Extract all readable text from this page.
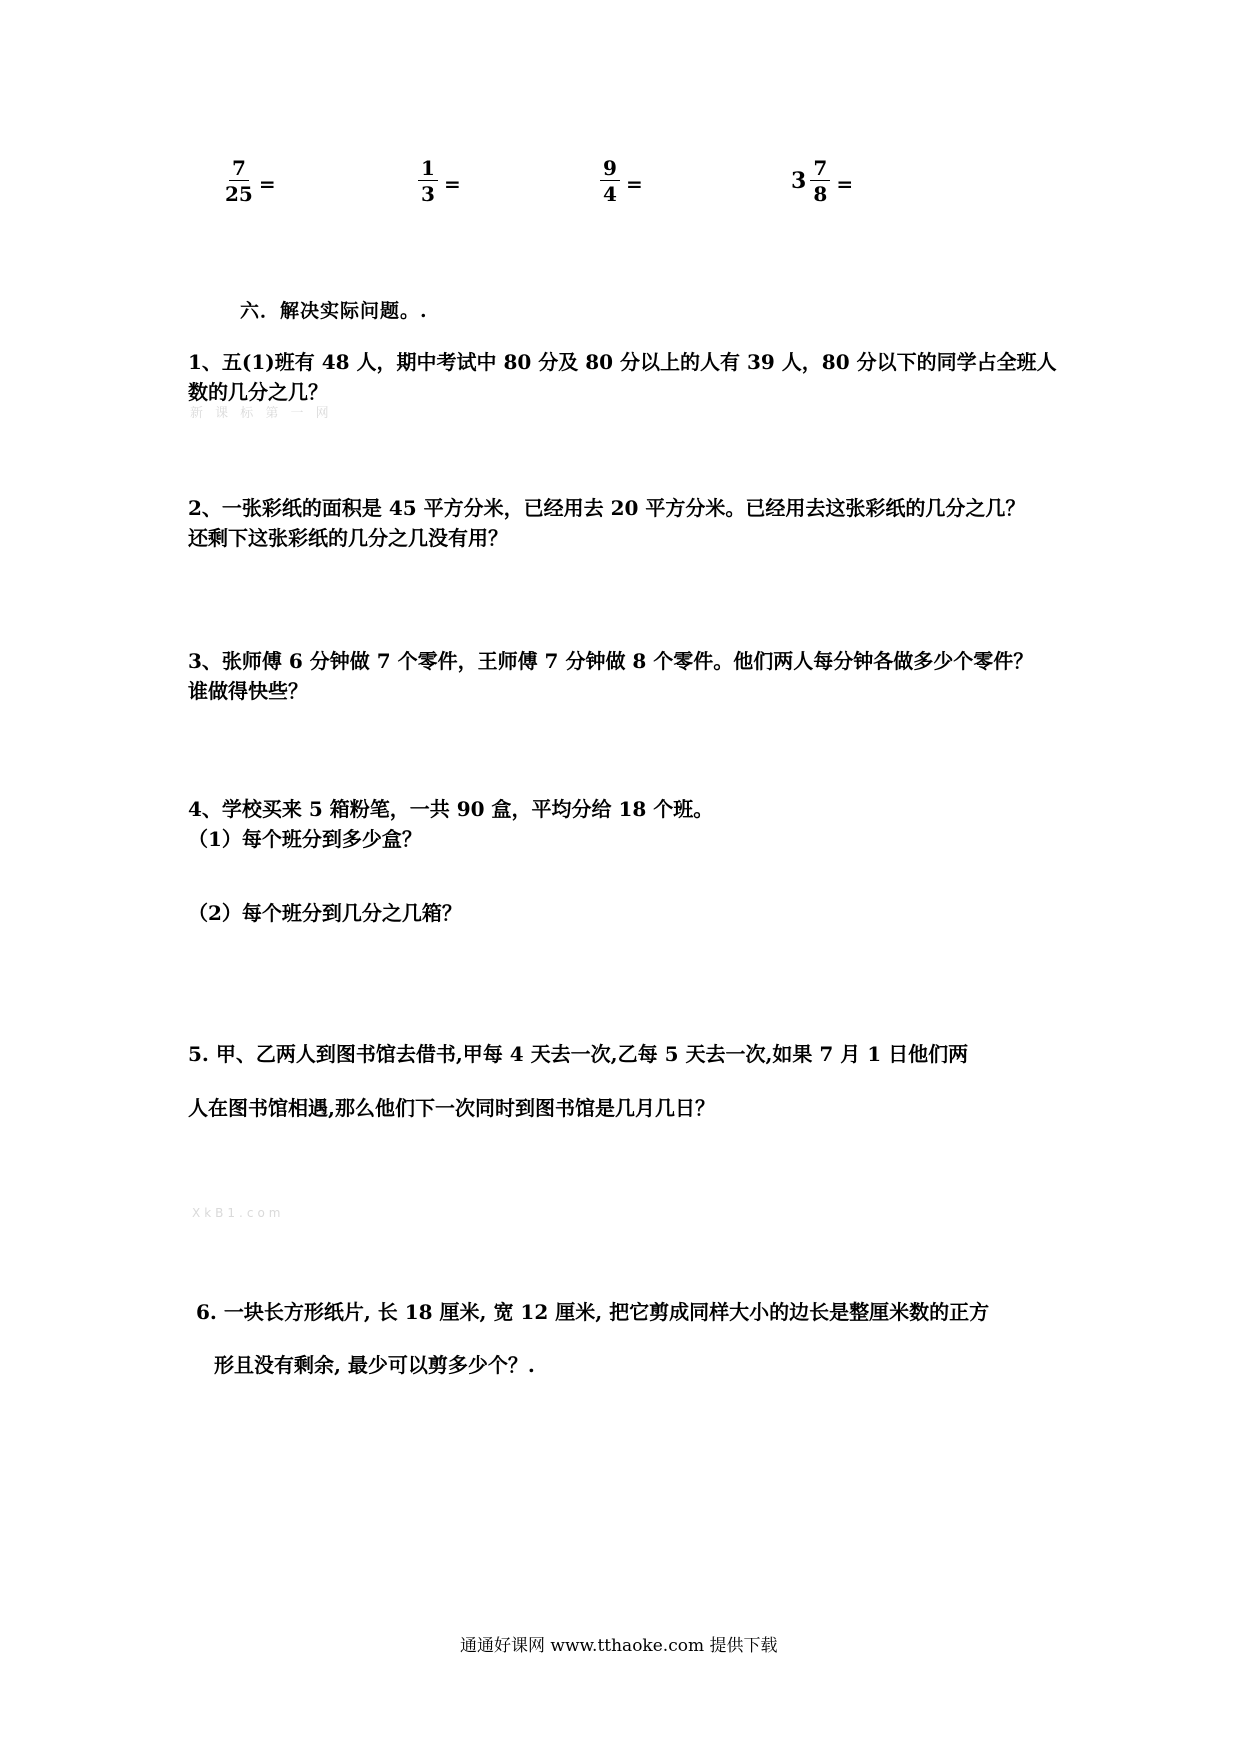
$\frac{7}{25}$ =	$\frac{1}{3}$ =	$\frac{9}{4}$ =	$3 \frac{7}{8}$ =
六．解决实际问题。.
1、五(1)班有 48 人，期中考试中 80 分及 80 分以上的人有 39 人，80 分以下的同学占全班人
数的几分之几？
新 课 标 第 一 网
2、一张彩纸的面积是 45 平方分米，已经用去 20 平方分米。已经用去这张彩纸的几分之几？
还剩下这张彩纸的几分之几没有用？
3、张师傅 6 分钟做 7 个零件，王师傅 7 分钟做 8 个零件。他们两人每分钟各做多少个零件？
谁做得快些？
4、学校买来 5 箱粉笔，一共 90 盒，平均分给 18 个班。
（1）每个班分到多少盒？
（2）每个班分到几分之几箱？
5. 甲、乙两人到图书馆去借书,甲每 4 天去一次,乙每 5 天去一次,如果 7 月 1 日他们两
人在图书馆相遇,那么他们下一次同时到图书馆是几月几日？
XkB1.com
6. 一块长方形纸片, 长 18 厘米, 宽 12 厘米, 把它剪成同样大小的边长是整厘米数的正方
形且没有剩余, 最少可以剪多少个？.
通通好课网 www.tthaoke.com 提供下载
